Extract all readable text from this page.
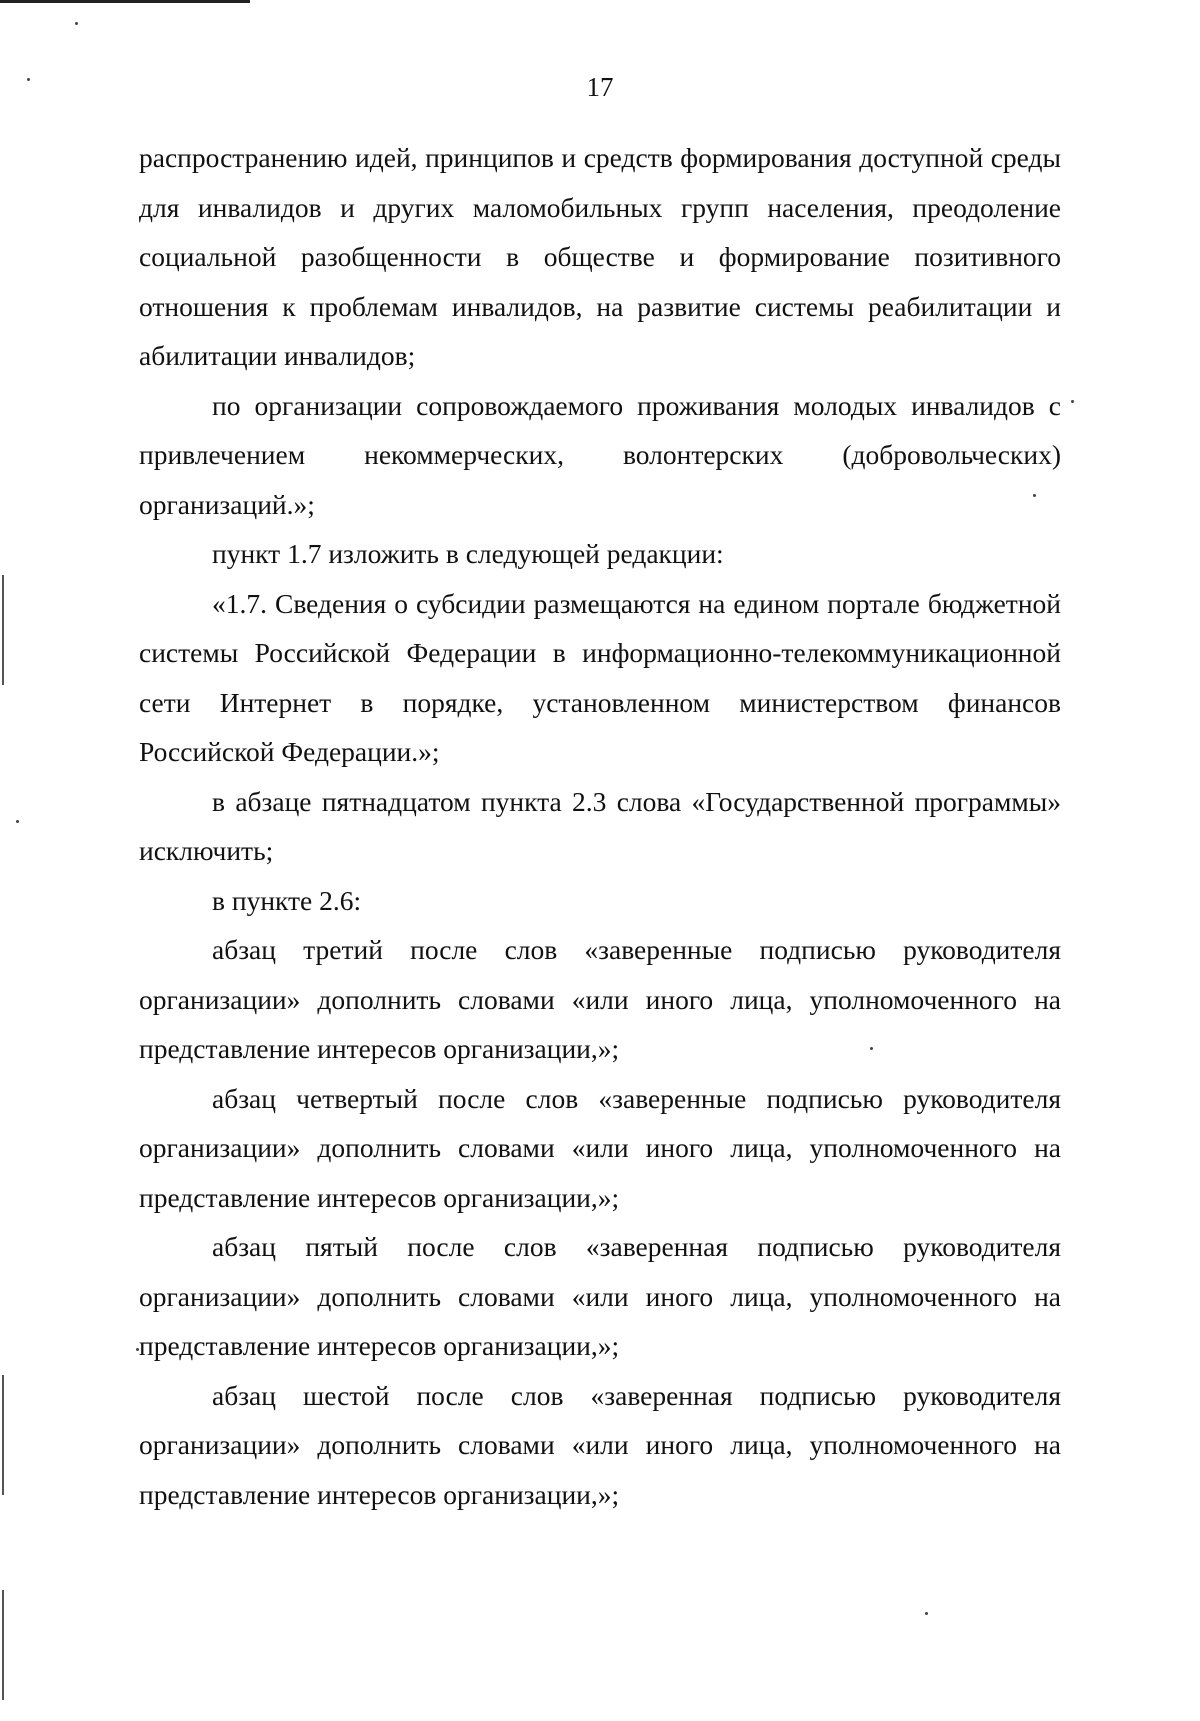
17

распространению идей, принципов и средств формирования доступной среды для инвалидов и других маломобильных групп населения, преодоление социальной разобщенности в обществе и формирование позитивного отношения к проблемам инвалидов, на развитие системы реабилитации и абилитации инвалидов;

по организации сопровождаемого проживания молодых инвалидов с привлечением некоммерческих, волонтерских (добровольческих) организаций.»;

пункт 1.7 изложить в следующей редакции:

«1.7. Сведения о субсидии размещаются на едином портале бюджетной системы Российской Федерации в информационно-телекоммуникационной сети Интернет в порядке, установленном министерством финансов Российской Федерации.»;

в абзаце пятнадцатом пункта 2.3 слова «Государственной программы» исключить;

в пункте 2.6:

абзац третий после слов «заверенные подписью руководителя организации» дополнить словами «или иного лица, уполномоченного на представление интересов организации,»;

абзац четвертый после слов «заверенные подписью руководителя организации» дополнить словами «или иного лица, уполномоченного на представление интересов организации,»;

абзац пятый после слов «заверенная подписью руководителя организации» дополнить словами «или иного лица, уполномоченного на представление интересов организации,»;

абзац шестой после слов «заверенная подписью руководителя организации» дополнить словами «или иного лица, уполномоченного на представление интересов организации,»;
